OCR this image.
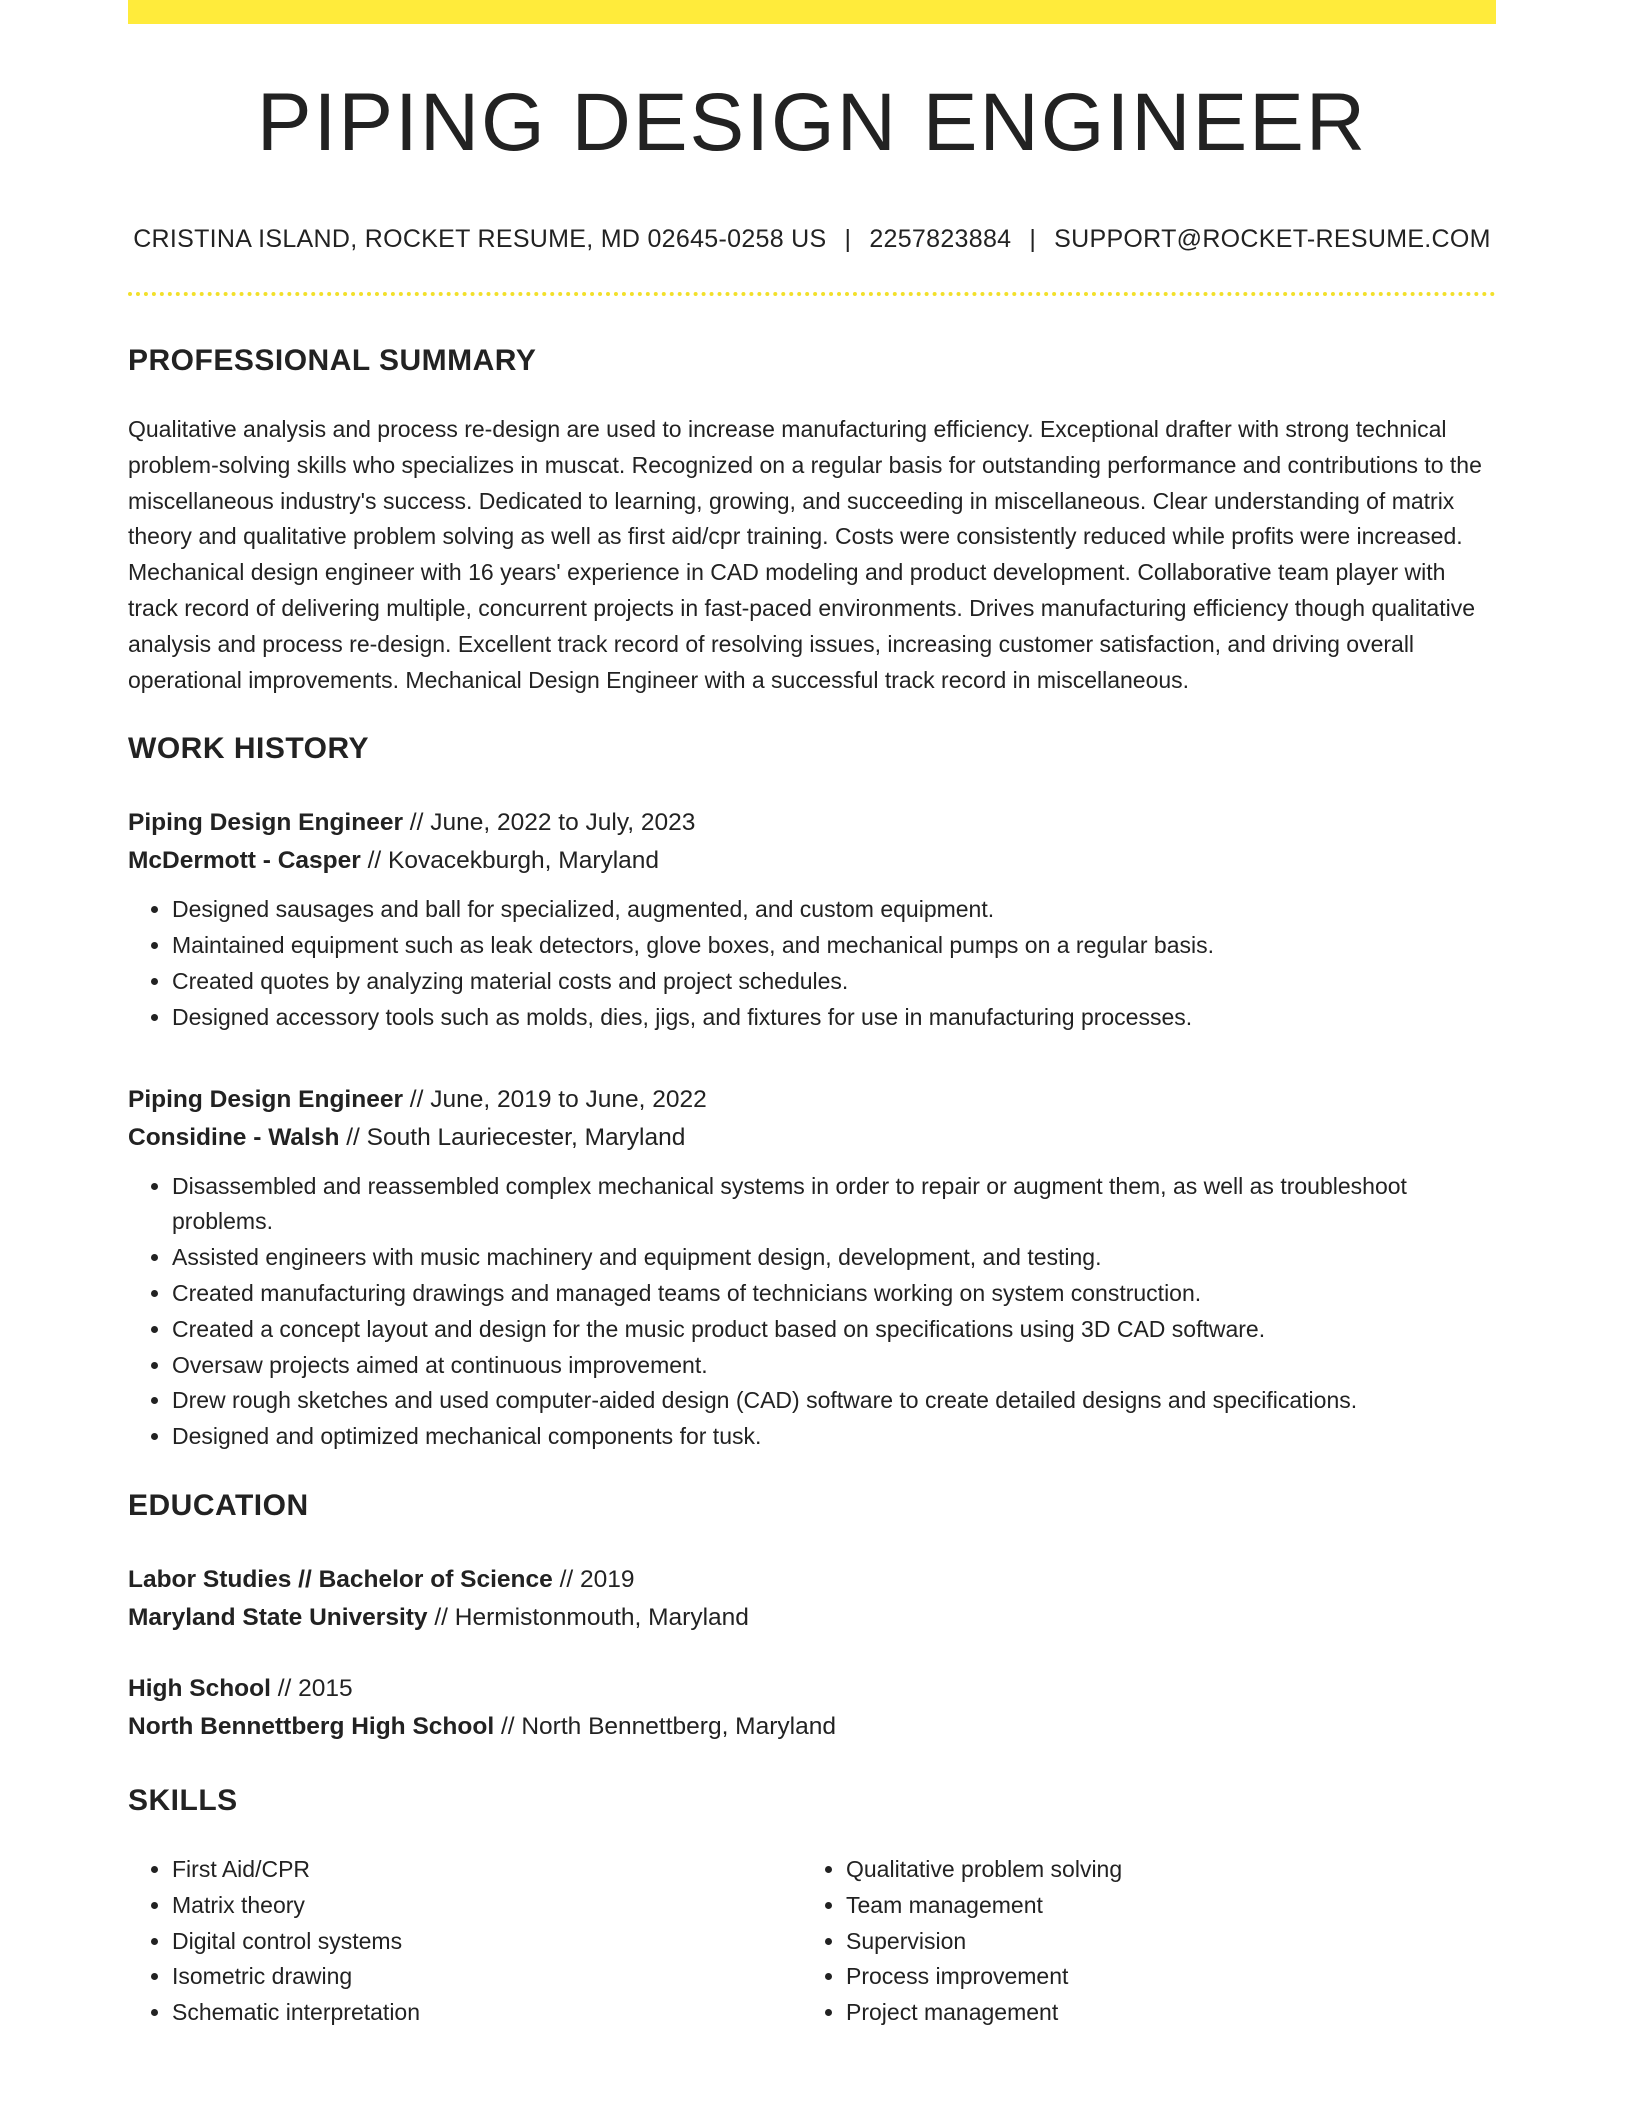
PIPING DESIGN ENGINEER
CRISTINA ISLAND, ROCKET RESUME, MD 02645-0258 US | 2257823884 | SUPPORT@ROCKET-RESUME.COM
PROFESSIONAL SUMMARY
Qualitative analysis and process re-design are used to increase manufacturing efficiency. Exceptional drafter with strong technical problem-solving skills who specializes in muscat. Recognized on a regular basis for outstanding performance and contributions to the miscellaneous industry's success. Dedicated to learning, growing, and succeeding in miscellaneous. Clear understanding of matrix theory and qualitative problem solving as well as first aid/cpr training. Costs were consistently reduced while profits were increased. Mechanical design engineer with 16 years' experience in CAD modeling and product development. Collaborative team player with track record of delivering multiple, concurrent projects in fast-paced environments. Drives manufacturing efficiency though qualitative analysis and process re-design. Excellent track record of resolving issues, increasing customer satisfaction, and driving overall operational improvements. Mechanical Design Engineer with a successful track record in miscellaneous.
WORK HISTORY
Piping Design Engineer // June, 2022 to July, 2023
McDermott - Casper // Kovacekburgh, Maryland
• Designed sausages and ball for specialized, augmented, and custom equipment.
• Maintained equipment such as leak detectors, glove boxes, and mechanical pumps on a regular basis.
• Created quotes by analyzing material costs and project schedules.
• Designed accessory tools such as molds, dies, jigs, and fixtures for use in manufacturing processes.
Piping Design Engineer // June, 2019 to June, 2022
Considine - Walsh // South Lauriecester, Maryland
• Disassembled and reassembled complex mechanical systems in order to repair or augment them, as well as troubleshoot problems.
• Assisted engineers with music machinery and equipment design, development, and testing.
• Created manufacturing drawings and managed teams of technicians working on system construction.
• Created a concept layout and design for the music product based on specifications using 3D CAD software.
• Oversaw projects aimed at continuous improvement.
• Drew rough sketches and used computer-aided design (CAD) software to create detailed designs and specifications.
• Designed and optimized mechanical components for tusk.
EDUCATION
Labor Studies // Bachelor of Science // 2019
Maryland State University // Hermistonmouth, Maryland
High School // 2015
North Bennettberg High School // North Bennettberg, Maryland
SKILLS
• First Aid/CPR
• Matrix theory
• Digital control systems
• Isometric drawing
• Schematic interpretation
• Qualitative problem solving
• Team management
• Supervision
• Process improvement
• Project management
